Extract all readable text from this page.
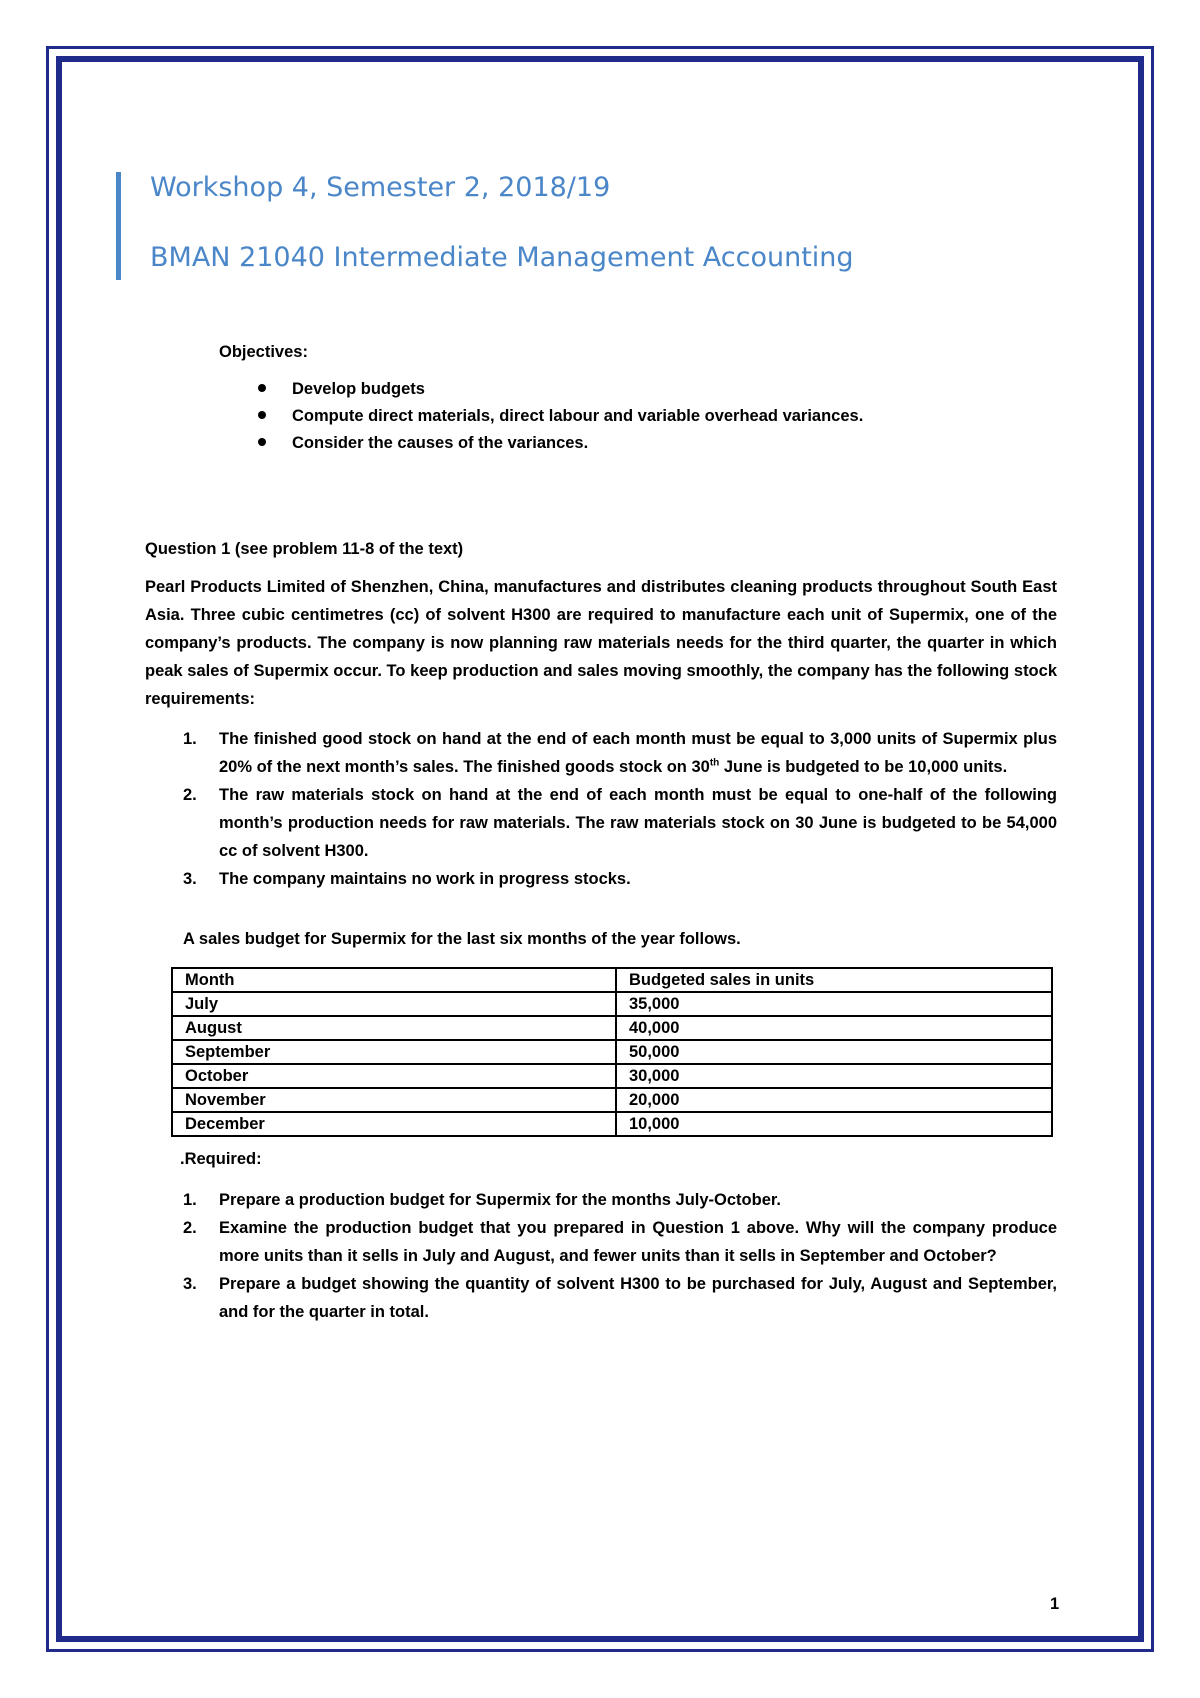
Workshop 4, Semester 2, 2018/19
BMAN 21040 Intermediate Management Accounting
Objectives:
Develop budgets
Compute direct materials, direct labour and variable overhead variances.
Consider the causes of the variances.
Question 1 (see problem 11-8 of the text)
Pearl Products Limited of Shenzhen, China, manufactures and distributes cleaning products throughout South East Asia. Three cubic centimetres (cc) of solvent H300 are required to manufacture each unit of Supermix, one of the company’s products. The company is now planning raw materials needs for the third quarter, the quarter in which peak sales of Supermix occur. To keep production and sales moving smoothly, the company has the following stock requirements:
1. The finished good stock on hand at the end of each month must be equal to 3,000 units of Supermix plus 20% of the next month’s sales. The finished goods stock on 30th June is budgeted to be 10,000 units.
2. The raw materials stock on hand at the end of each month must be equal to one-half of the following month’s production needs for raw materials. The raw materials stock on 30 June is budgeted to be 54,000 cc of solvent H300.
3. The company maintains no work in progress stocks.
A sales budget for Supermix for the last six months of the year follows.
Month	Budgeted sales in units
July	35,000
August	40,000
September	50,000
October	30,000
November	20,000
December	10,000
.Required:
1. Prepare a production budget for Supermix for the months July-October.
2. Examine the production budget that you prepared in Question 1 above. Why will the company produce more units than it sells in July and August, and fewer units than it sells in September and October?
3. Prepare a budget showing the quantity of solvent H300 to be purchased for July, August and September, and for the quarter in total.
1
